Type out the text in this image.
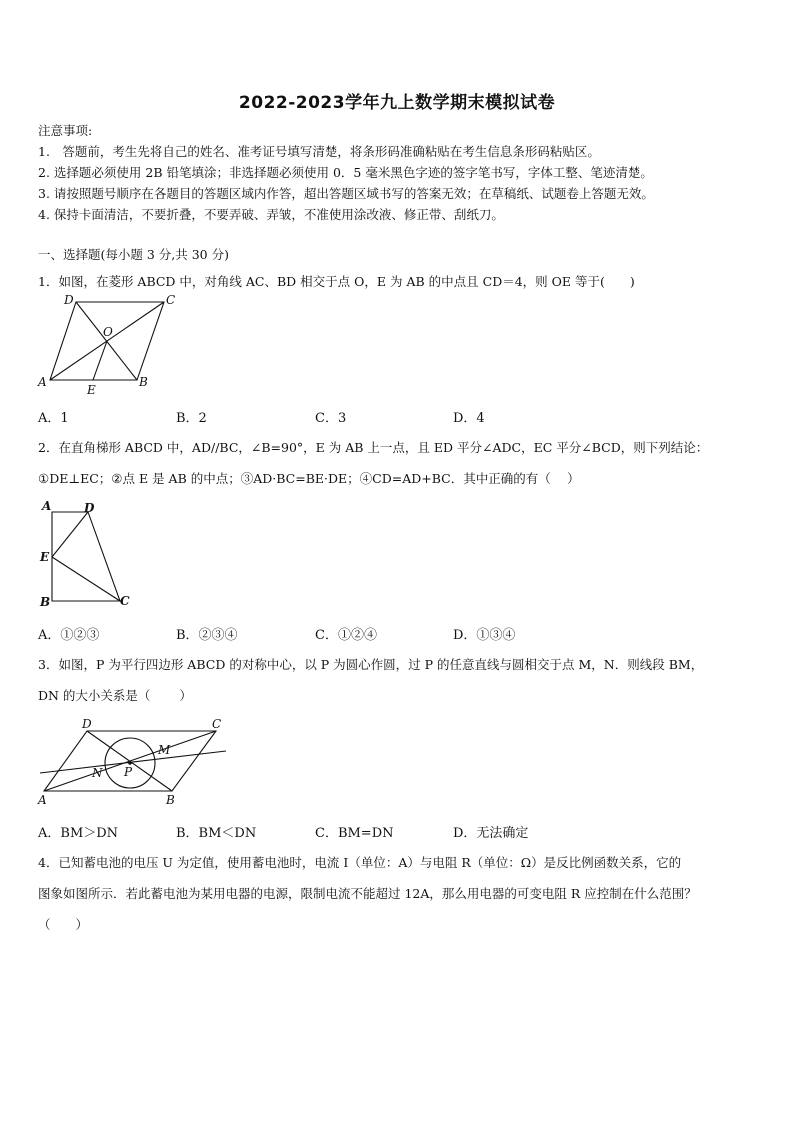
2022-2023学年九上数学期末模拟试卷
注意事项:
1.　答题前，考生先将自己的姓名、准考证号填写清楚，将条形码准确粘贴在考生信息条形码粘贴区。
2. 选择题必须使用 2B 铅笔填涂；非选择题必须使用 0．5 毫米黑色字迹的签字笔书写，字体工整、笔迹清楚。
3. 请按照题号顺序在各题目的答题区域内作答，超出答题区域书写的答案无效；在草稿纸、试题卷上答题无效。
4. 保持卡面清洁，不要折叠，不要弄破、弄皱，不准使用涂改液、修正带、刮纸刀。
一、选择题(每小题 3 分,共 30 分)
1．如图，在菱形 ABCD 中，对角线 AC、BD 相交于点 O，E 为 AB 的中点且 CD＝4，则 OE 等于(　　)
D	C
O
A
E
B
A．1	B．2	C．3	D．4
2．在直角梯形 ABCD 中，AD//BC，∠B=90°，E 为 AB 上一点，且 ED 平分∠ADC，EC 平分∠BCD，则下列结论：
①DE⊥EC；②点 E 是 AB 的中点；③AD·BC=BE·DE；④CD=AD+BC．其中正确的有（　 ）
A	D
E
B	C
A．①②③	B．②③④	C．①②④	D．①③④
3．如图，P 为平行四边形 ABCD 的对称中心，以 P 为圆心作圆，过 P 的任意直线与圆相交于点 M，N．则线段 BM，
DN 的大小关系是（　　 ）
D	C
M
N P
A	B
A．BM＞DN	B．BM＜DN	C．BM=DN	D．无法确定
4．已知蓄电池的电压 U 为定值，使用蓄电池时，电流 I（单位：A）与电阻 R（单位：Ω）是反比例函数关系，它的
图象如图所示．若此蓄电池为某用电器的电源，限制电流不能超过 12A，那么用电器的可变电阻 R 应控制在什么范围？
（　　）
